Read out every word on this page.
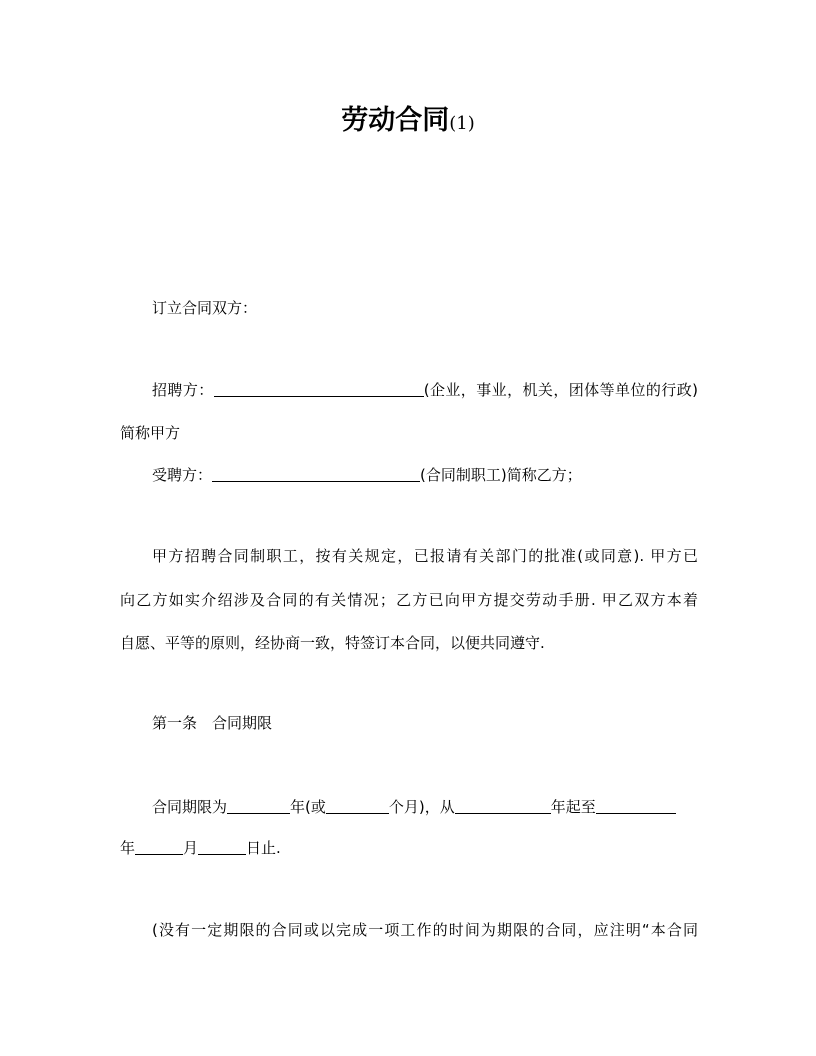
劳动合同(1)
订立合同双方：
招聘方：	(企业，事业，机关，团体等单位的行政)
简称甲方
受聘方：	(合同制职工)简称乙方；
甲方招聘合同制职工，按有关规定，已报请有关部门的批准(或同意). 甲方已
向乙方如实介绍涉及合同的有关情况；乙方已向甲方提交劳动手册. 甲乙双方本着
自愿、平等的原则，经协商一致，特签订本合同，以便共同遵守.
第一条　合同期限
合同期限为	年(或	个月)，从	年起至
年	月	日止.
(没有一定期限的合同或以完成一项工作的时间为期限的合同，应注明“本合同
